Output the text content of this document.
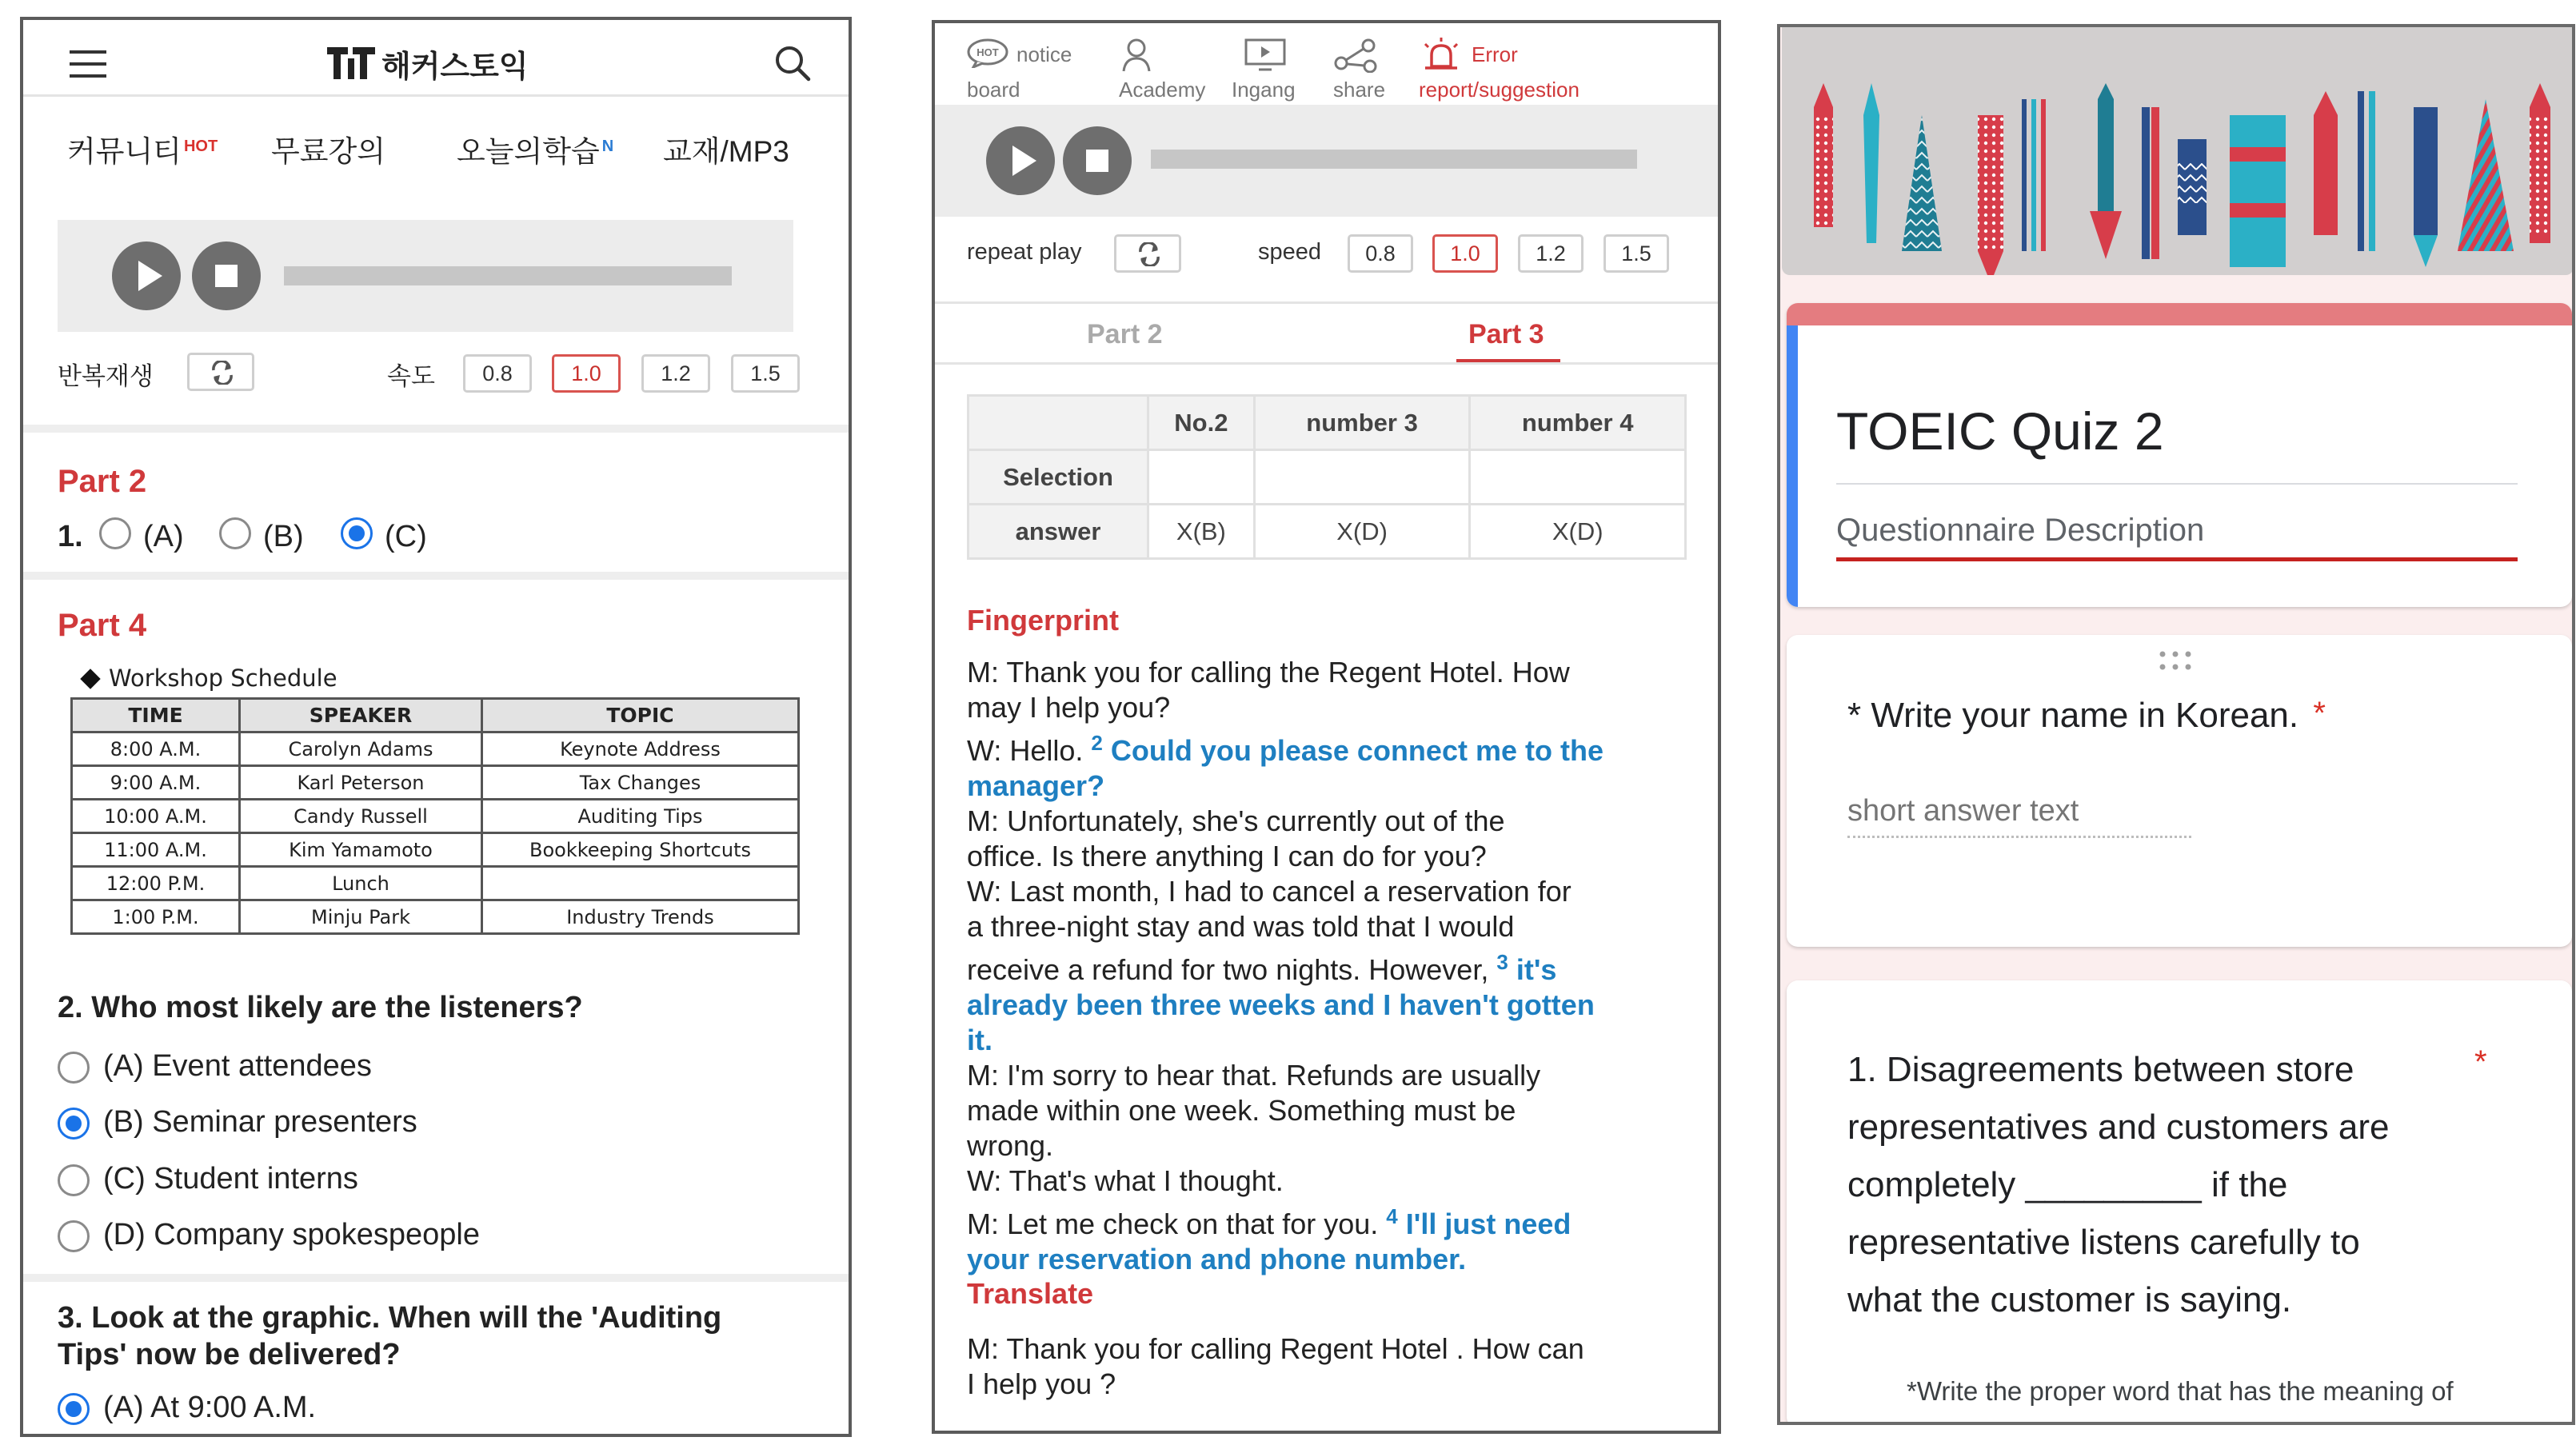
해커스토익
커뮤니티 $^{HOT}$ 무료강의 오늘의학습 $^N$ 교재/MP3
반복재생	속도	0.8	1.0	1.2	1.5
Part 2
1. (A)	(B)	(C)
Part 4
Workshop Schedule
TIME	SPEAKER	TOPIC
8:00 A.M.	Carolyn Adams	Keynote Address
9:00 A.M.	Karl Peterson	Tax Changes
10:00 A.M.	Candy Russell	Auditing Tips
11:00 A.M.	Kim Yamamoto	Bookkeeping Shortcuts
12:00 P.M.	Lunch	
1:00 P.M.	Minju Park	Industry Trends
2. Who most likely are the listeners?
(A) Event attendees
(B) Seminar presenters
(C) Student interns
(D) Company spokespeople
3. Look at the graphic. When will the 'Auditing
Tips' now be delivered?
(A) At 9:00 A.M.
HOT notice
board	Academy Ingang share
Error
report/suggestion
repeat play	speed	0.8	1.0	1.2	1.5
Part 2	Part 3
	No.2	number 3	number 4
Selection			
answer	X(B)	X(D)	X(D)
Fingerprint
M: Thank you for calling the Regent Hotel. How
may I help you?
W: Hello. $^2$ Could you please connect me to the
manager?
M: Unfortunately, she's currently out of the
office. Is there anything I can do for you?
W: Last month, I had to cancel a reservation for
a three-night stay and was told that I would
receive a refund for two nights. However, $^3$ it's
already been three weeks and I haven't gotten
it.
M: I'm sorry to hear that. Refunds are usually
made within one week. Something must be
wrong.
W: That's what I thought.
M: Let me check on that for you. $^4$ I'll just need
your reservation and phone number.
Translate
M: Thank you for calling Regent Hotel . How can
I help you ?
TOEIC Quiz 2
Questionnaire Description
* Write your name in Korean. *
short answer text
1. Disagreements between store
representatives and customers are
completely _________ if the
representative listens carefully to
what the customer is saying.
*
*Write the proper word that has the meaning of
